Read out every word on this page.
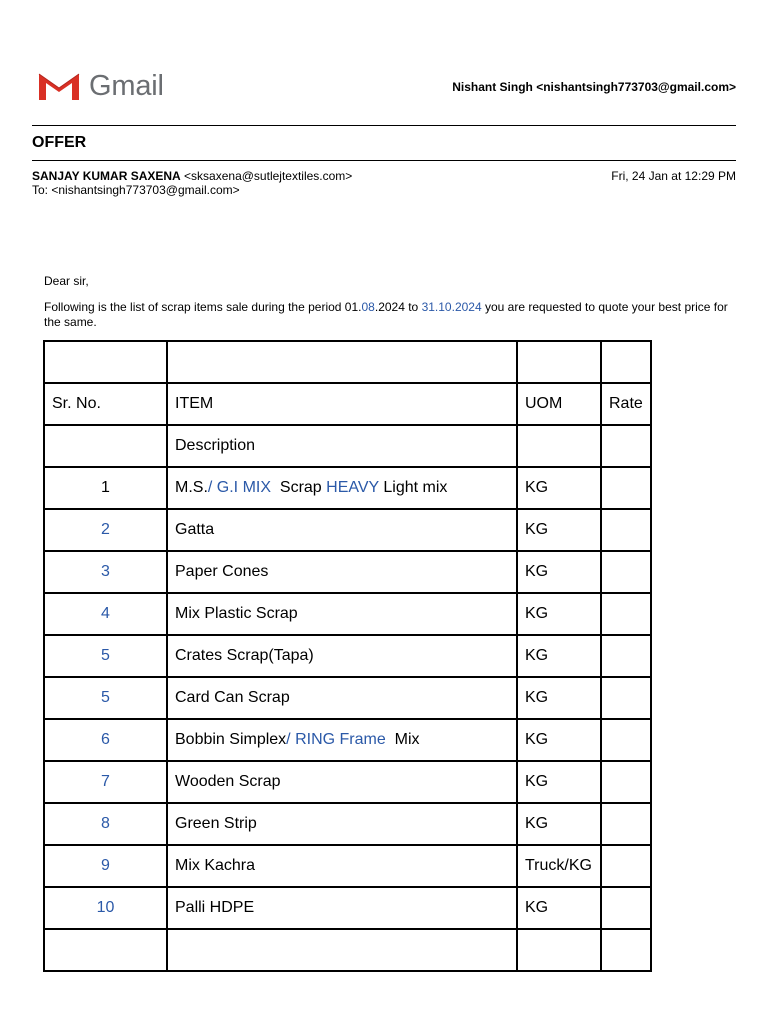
Gmail	Nishant Singh <nishantsingh773703@gmail.com>
OFFER
SANJAY KUMAR SAXENA <sksaxena@sutlejtextiles.com>	Fri, 24 Jan at 12:29 PM
To: <nishantsingh773703@gmail.com>
Dear sir,
Following is the list of scrap items sale during the period 01.08.2024 to 31.10.2024 you are requested to quote your best price for the same.

Sr. No.	ITEM	UOM	Rate
	Description		
1	M.S./ G.I MIX  Scrap HEAVY Light mix	KG	
2	Gatta	KG	
3	Paper Cones	KG	
4	Mix Plastic Scrap	KG	
5	Crates Scrap(Tapa)	KG	
5	Card Can Scrap	KG	
6	Bobbin Simplex/ RING Frame  Mix	KG	
7	Wooden Scrap	KG	
8	Green Strip	KG	
9	Mix Kachra	Truck/KG	
10	Palli HDPE	KG	
